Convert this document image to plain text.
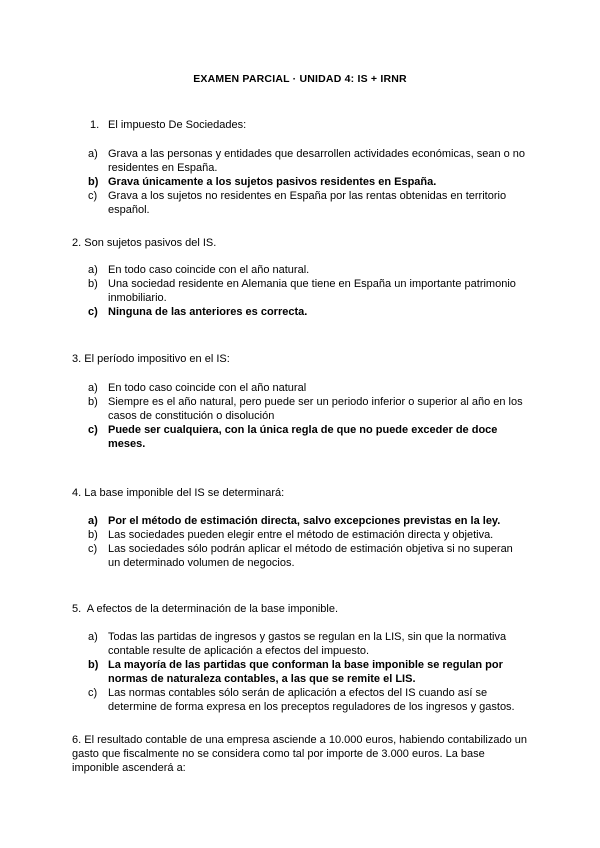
EXAMEN PARCIAL · UNIDAD 4: IS + IRNR
1. El impuesto De Sociedades:
a) Grava a las personas y entidades que desarrollen actividades económicas, sean o no residentes en España.
b) Grava únicamente a los sujetos pasivos residentes en España.
c) Grava a los sujetos no residentes en España por las rentas obtenidas en territorio español.
2. Son sujetos pasivos del IS.
a) En todo caso coincide con el año natural.
b) Una sociedad residente en Alemania que tiene en España un importante patrimonio inmobiliario.
c) Ninguna de las anteriores es correcta.
3. El período impositivo en el IS:
a) En todo caso coincide con el año natural
b) Siempre es el año natural, pero puede ser un periodo inferior o superior al año en los casos de constitución o disolución
c) Puede ser cualquiera, con la única regla de que no puede exceder de doce meses.
4. La base imponible del IS se determinará:
a) Por el método de estimación directa, salvo excepciones previstas en la ley.
b) Las sociedades pueden elegir entre el método de estimación directa y objetiva.
c) Las sociedades sólo podrán aplicar el método de estimación objetiva si no superan un determinado volumen de negocios.
5. A efectos de la determinación de la base imponible.
a) Todas las partidas de ingresos y gastos se regulan en la LIS, sin que la normativa contable resulte de aplicación a efectos del impuesto.
b) La mayoría de las partidas que conforman la base imponible se regulan por normas de naturaleza contables, a las que se remite el LIS.
c) Las normas contables sólo serán de aplicación a efectos del IS cuando así se determine de forma expresa en los preceptos reguladores de los ingresos y gastos.
6. El resultado contable de una empresa asciende a 10.000 euros, habiendo contabilizado un gasto que fiscalmente no se considera como tal por importe de 3.000 euros. La base imponible ascenderá a:
